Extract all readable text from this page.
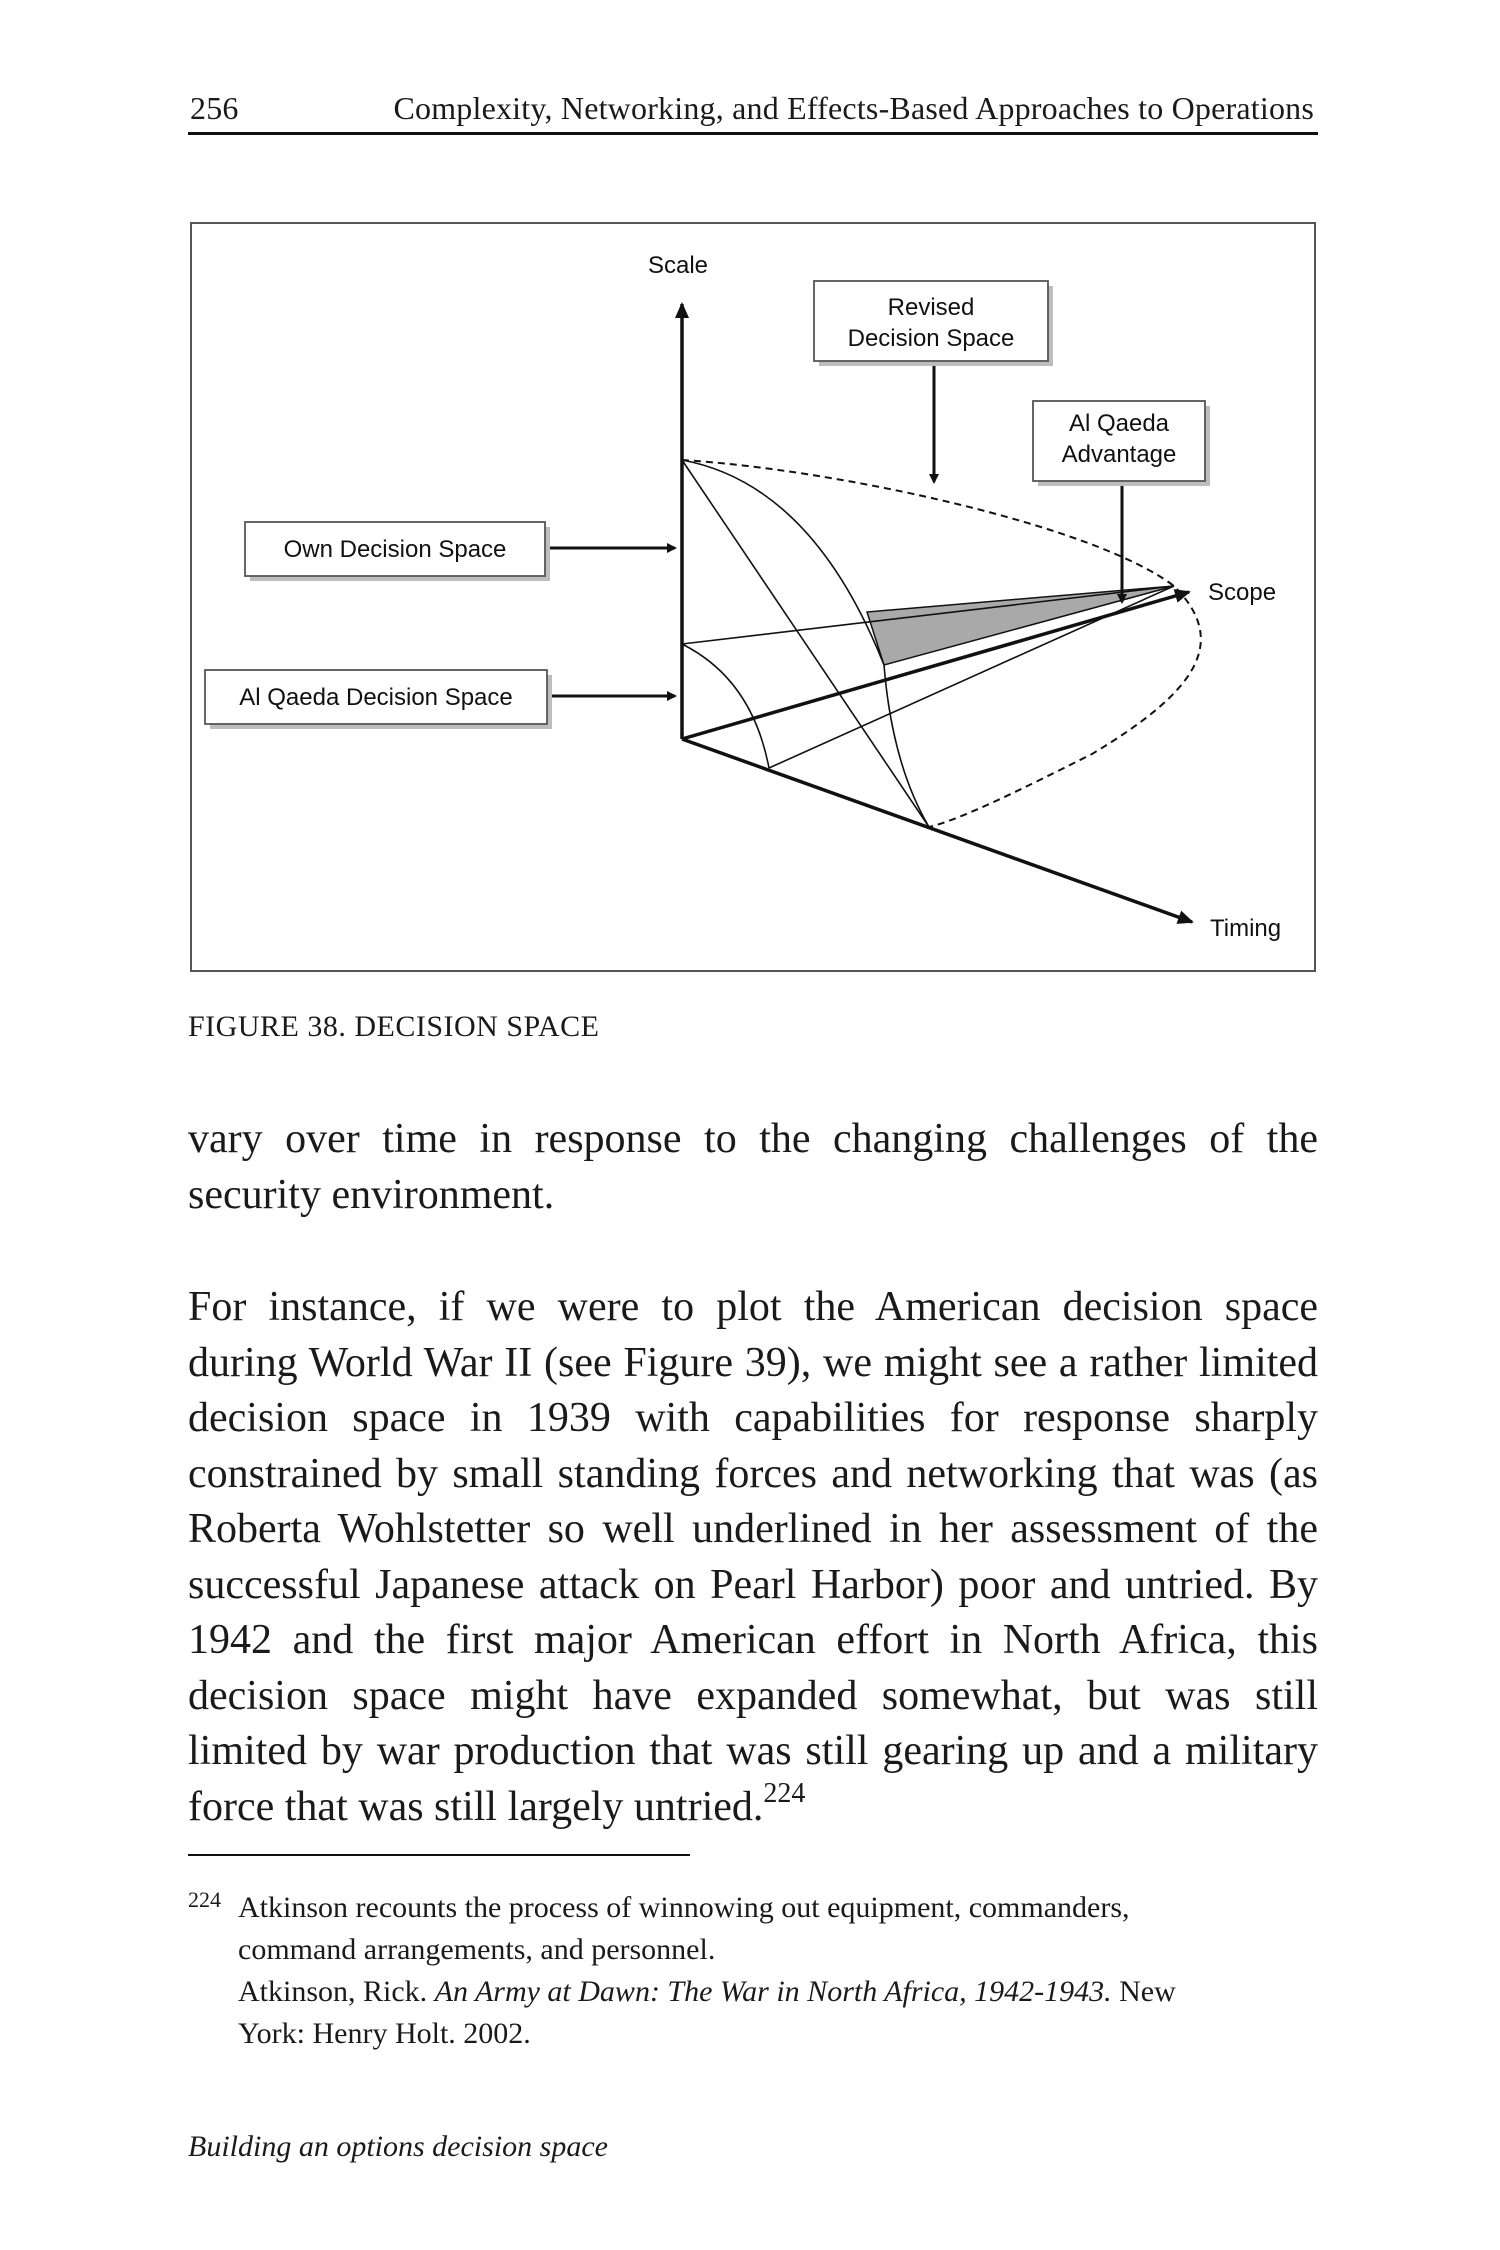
256	Complexity, Networking, and Effects-Based Approaches to Operations
Revised
Decision Space
Al Qaeda
Advantage
Own Decision Space
Al Qaeda Decision Space
Scale
Scope
Timing
FIGURE 38. DECISION SPACE

vary over time in response to the changing challenges of the security environment.

For instance, if we were to plot the American decision space during World War II (see Figure 39), we might see a rather limited decision space in 1939 with capabilities for response sharply constrained by small standing forces and networking that was (as Roberta Wohlstetter so well underlined in her assessment of the successful Japanese attack on Pearl Harbor) poor and untried. By 1942 and the first major American effort in North Africa, this decision space might have expanded somewhat, but was still limited by war production that was still gearing up and a military force that was still largely untried.$^{224}$

224 Atkinson recounts the process of winnowing out equipment, commanders,
command arrangements, and personnel.
Atkinson, Rick. An Army at Dawn: The War in North Africa, 1942-1943. New
York: Henry Holt. 2002.
Building an options decision space
